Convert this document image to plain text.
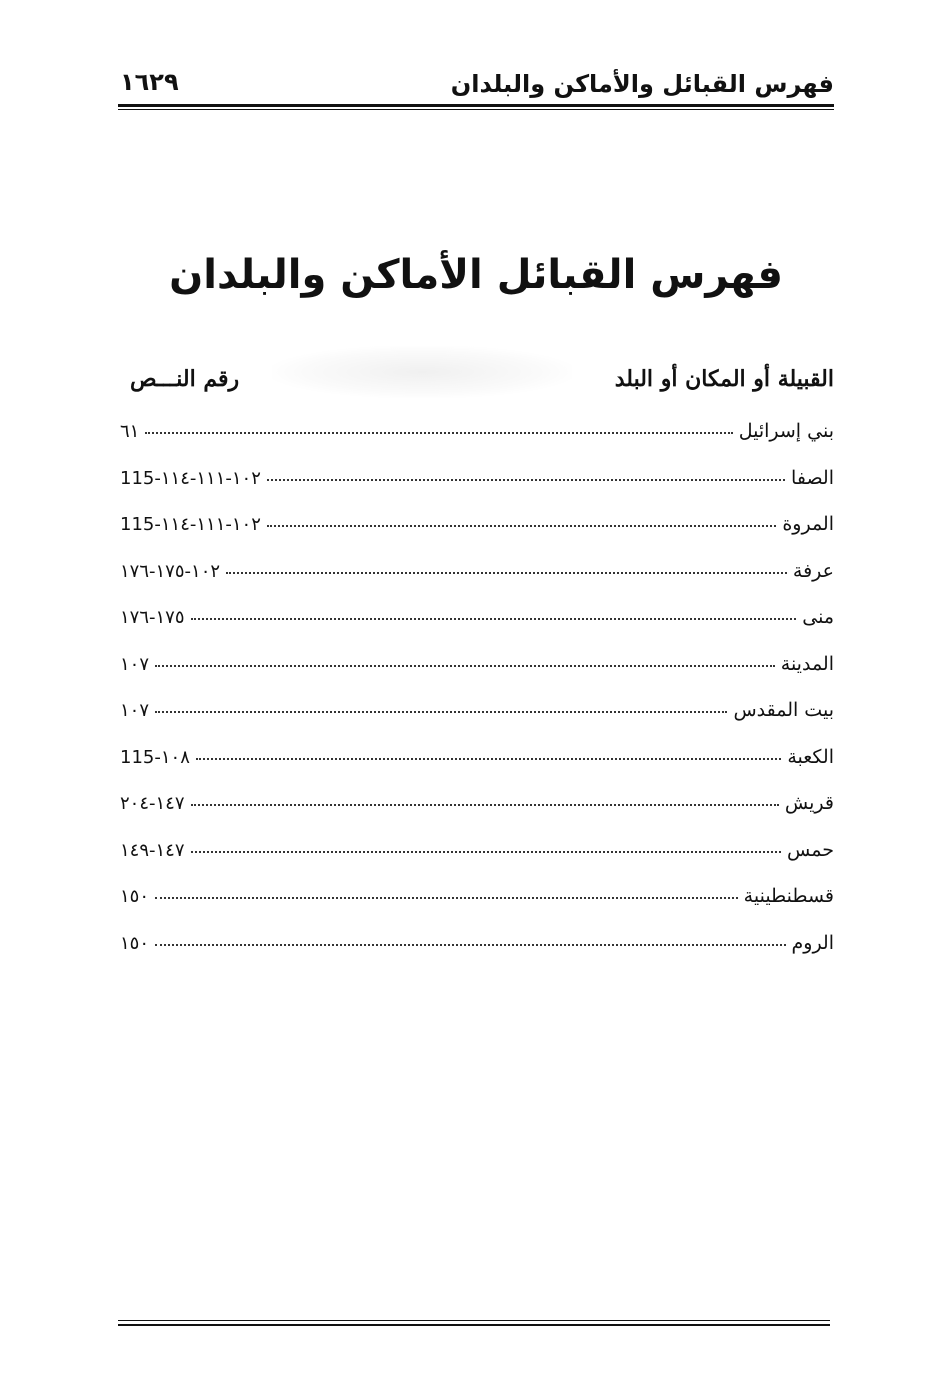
فهرس القبائل والأماكن والبلدان
١٦٢٩
فهرس القبائل الأماكن والبلدان
القبيلة أو المكان أو البلد
رقم النـــص
بني إسرائيل
٦١
الصفا
١٠٢-١١١-١١٤-115
المروة
١٠٢-١١١-١١٤-115
عرفة
١٠٢-١٧٥-١٧٦
منى
١٧٥-١٧٦
المدينة
١٠٧
بيت المقدس
١٠٧
الكعبة
١٠٨-115
قريش
١٤٧-٢٠٤
حمس
١٤٧-١٤٩
قسطنطينية
١٥٠
الروم
١٥٠
